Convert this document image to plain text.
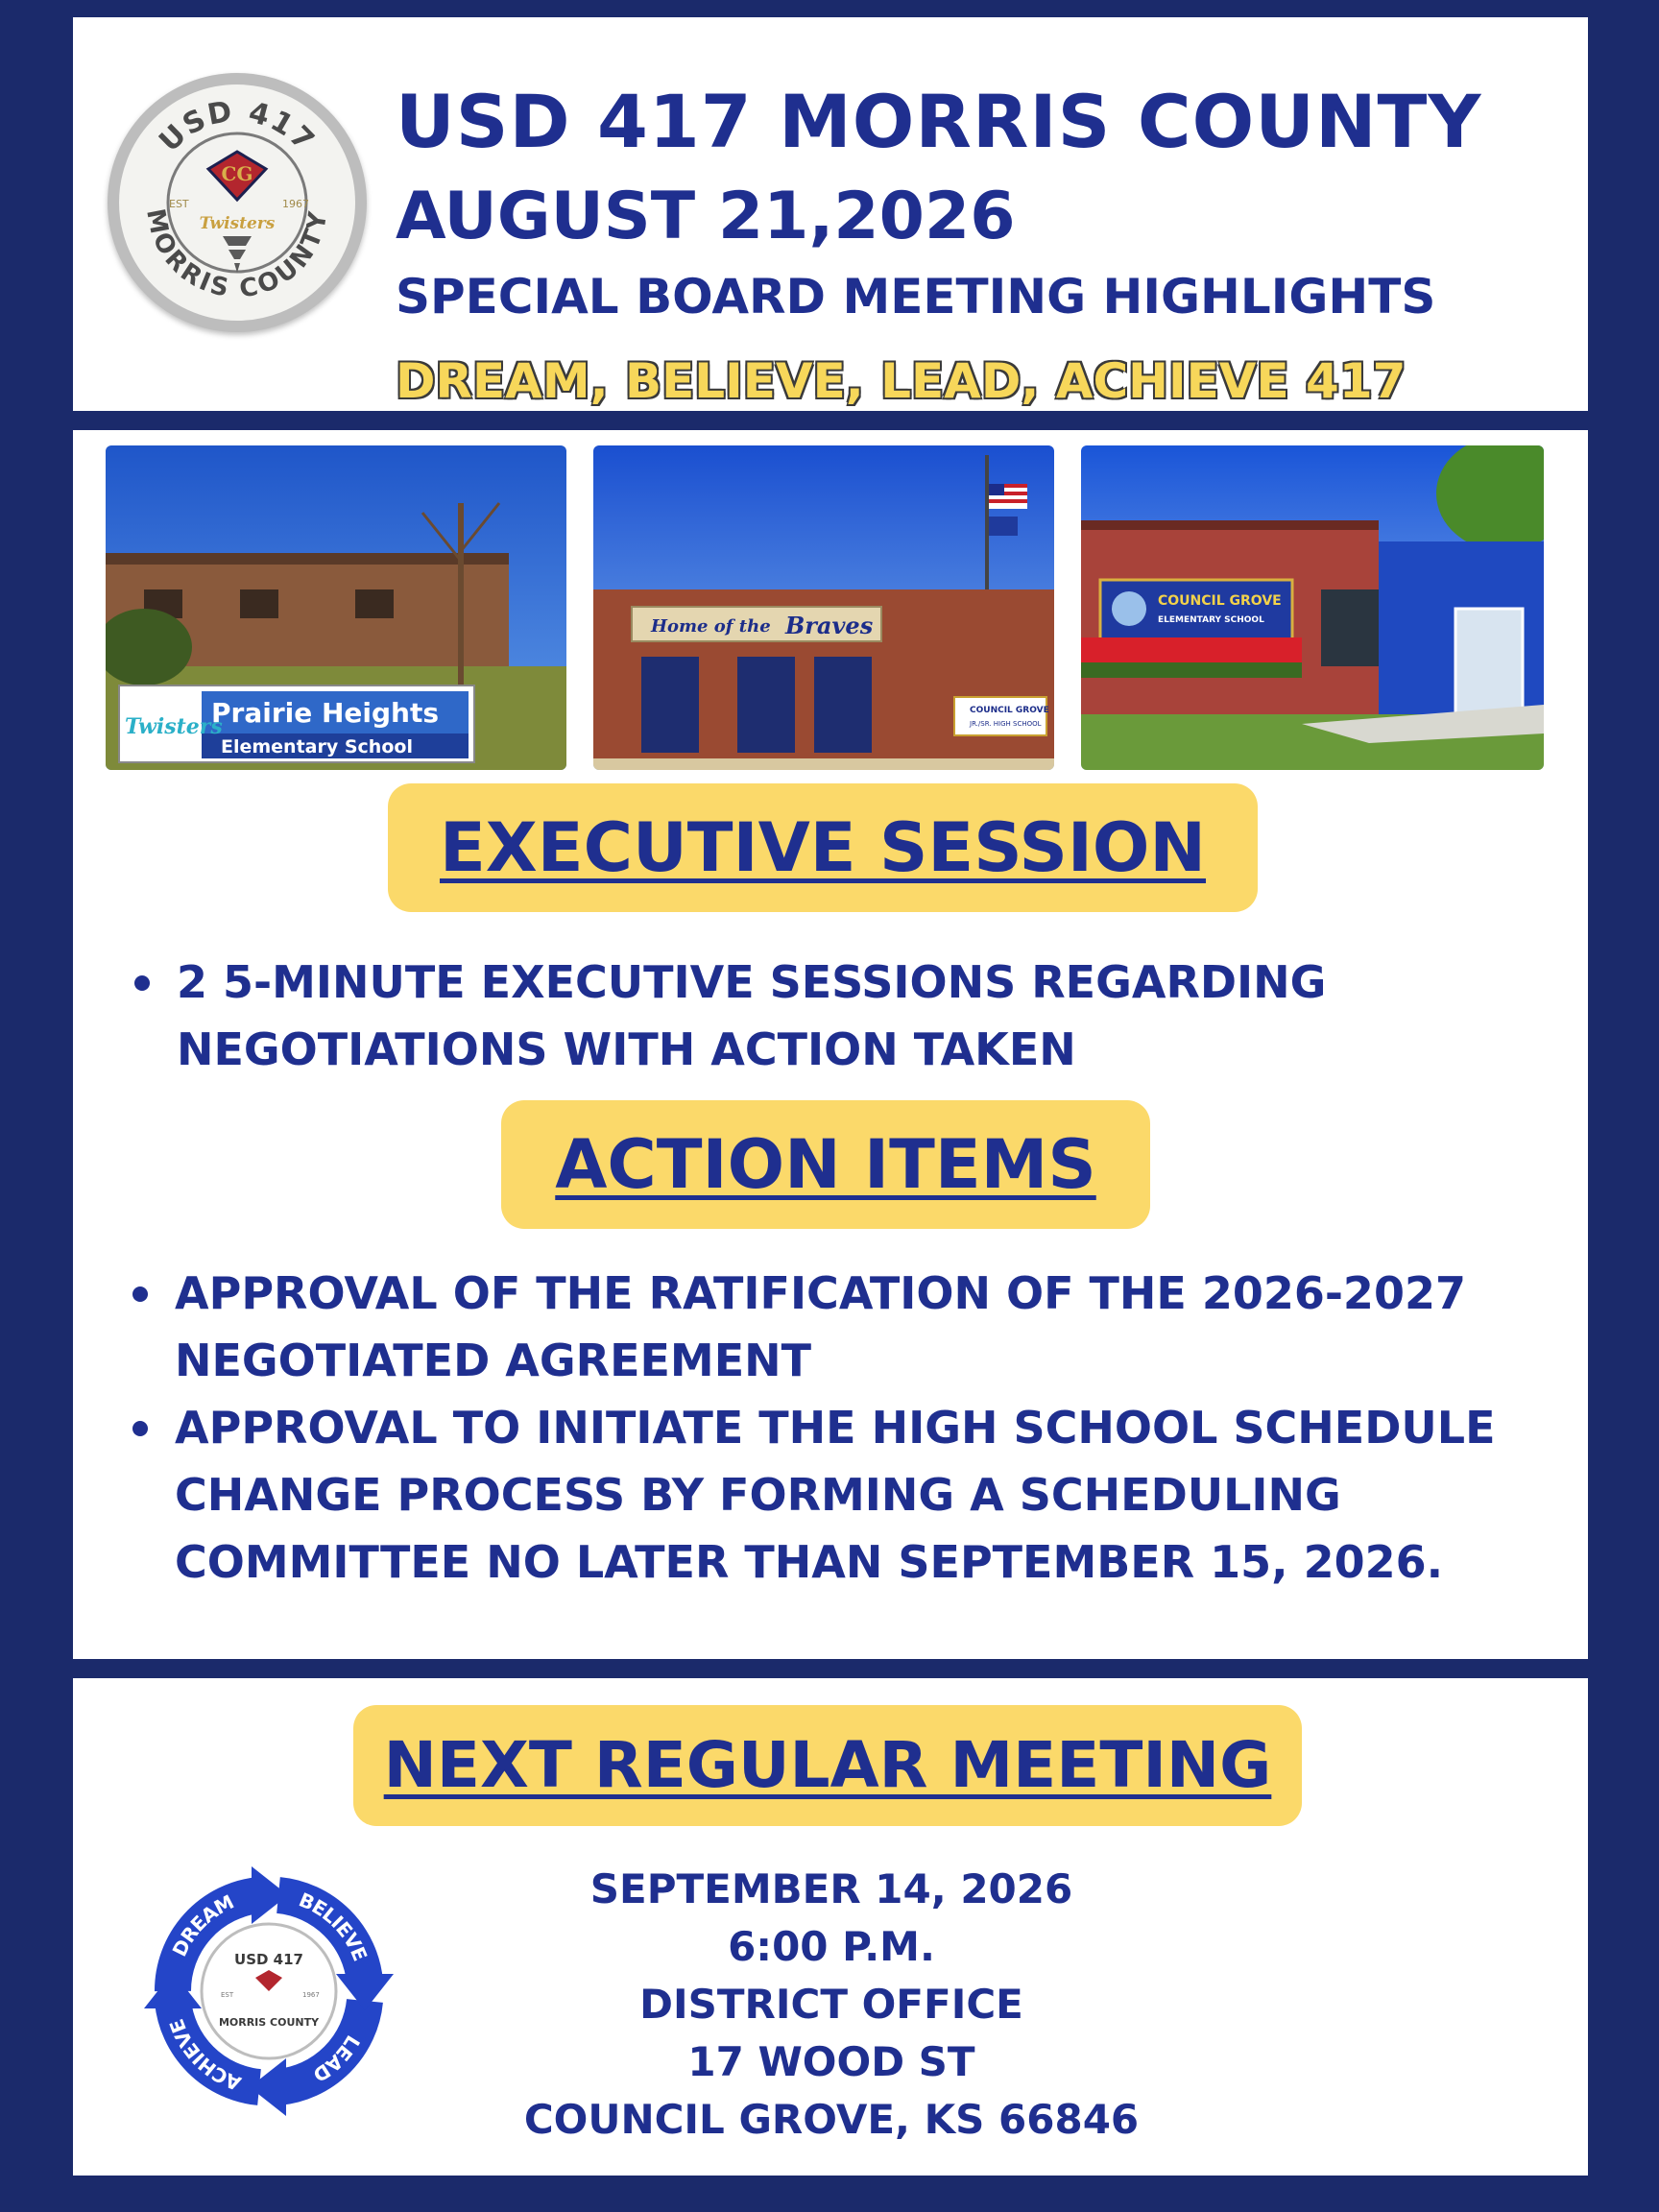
USD 417
MORRIS COUNTY
EST	1967
CG
Twisters
USD 417 MORRIS COUNTY
AUGUST 21,2026
SPECIAL BOARD MEETING HIGHLIGHTS
DREAM, BELIEVE, LEAD, ACHIEVE 417
Prairie Heights
Elementary School
Twisters
Home of the Braves
COUNCIL GROVE
JR./SR. HIGH SCHOOL
COUNCIL GROVE
ELEMENTARY SCHOOL
EXECUTIVE SESSION
2 5-MINUTE EXECUTIVE SESSIONS REGARDING NEGOTIATIONS WITH ACTION TAKEN
ACTION ITEMS
APPROVAL OF THE RATIFICATION OF THE 2026-2027 NEGOTIATED AGREEMENT
APPROVAL TO INITIATE THE HIGH SCHOOL SCHEDULE CHANGE PROCESS BY FORMING A SCHEDULING COMMITTEE NO LATER THAN SEPTEMBER 15, 2026.
NEXT REGULAR MEETING
DREAM	BELIEVE
LEAD
ACHIEVE
USD 417
EST	1967
MORRIS COUNTY
SEPTEMBER 14, 2026
6:00 P.M.
DISTRICT OFFICE
17 WOOD ST
COUNCIL GROVE, KS 66846
